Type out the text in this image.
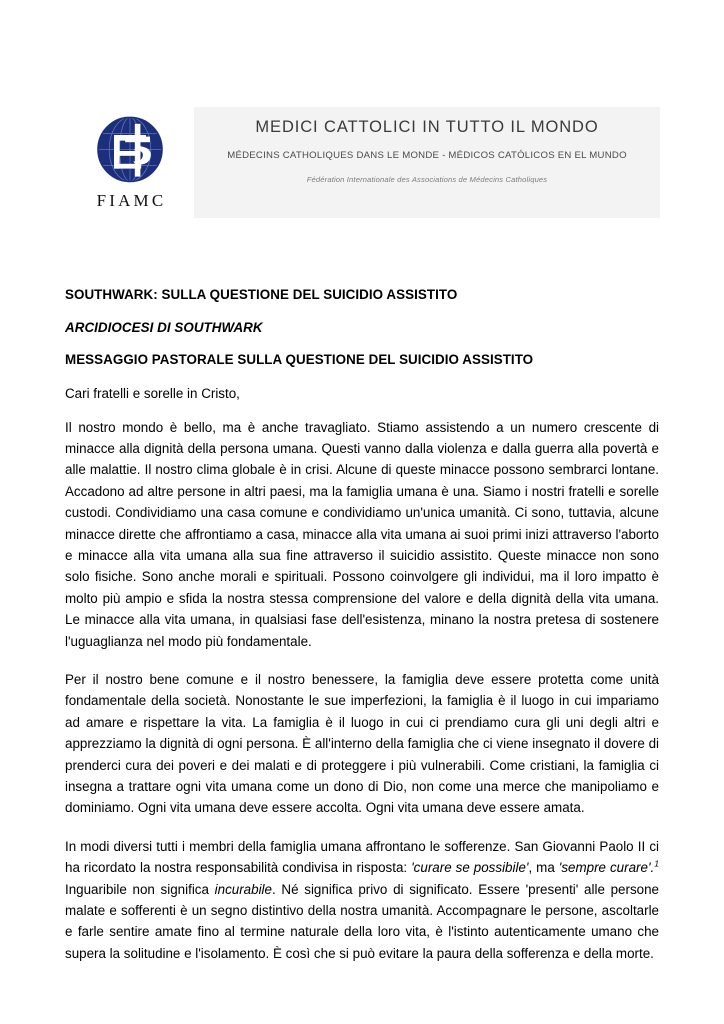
FIAMC
MEDICI CATTOLICI IN TUTTO IL MONDO
MÉDECINS CATHOLIQUES DANS LE MONDE - MÉDICOS CATÓLICOS EN EL MUNDO
Fédération Internationale des Associations de Médecins Catholiques
SOUTHWARK: SULLA QUESTIONE DEL SUICIDIO ASSISTITO
ARCIDIOCESI DI SOUTHWARK
MESSAGGIO PASTORALE SULLA QUESTIONE DEL SUICIDIO ASSISTITO
Cari fratelli e sorelle in Cristo,

Il nostro mondo è bello, ma è anche travagliato. Stiamo assistendo a un numero crescente di minacce alla dignità della persona umana. Questi vanno dalla violenza e dalla guerra alla povertà e alle malattie. Il nostro clima globale è in crisi. Alcune di queste minacce possono sembrarci lontane. Accadono ad altre persone in altri paesi, ma la famiglia umana è una. Siamo i nostri fratelli e sorelle custodi. Condividiamo una casa comune e condividiamo un'unica umanità. Ci sono, tuttavia, alcune minacce dirette che affrontiamo a casa, minacce alla vita umana ai suoi primi inizi attraverso l'aborto e minacce alla vita umana alla sua fine attraverso il suicidio assistito. Queste minacce non sono solo fisiche. Sono anche morali e spirituali. Possono coinvolgere gli individui, ma il loro impatto è molto più ampio e sfida la nostra stessa comprensione del valore e della dignità della vita umana. Le minacce alla vita umana, in qualsiasi fase dell'esistenza, minano la nostra pretesa di sostenere l'uguaglianza nel modo più fondamentale.

Per il nostro bene comune e il nostro benessere, la famiglia deve essere protetta come unità fondamentale della società. Nonostante le sue imperfezioni, la famiglia è il luogo in cui impariamo ad amare e rispettare la vita. La famiglia è il luogo in cui ci prendiamo cura gli uni degli altri e apprezziamo la dignità di ogni persona. È all'interno della famiglia che ci viene insegnato il dovere di prenderci cura dei poveri e dei malati e di proteggere i più vulnerabili. Come cristiani, la famiglia ci insegna a trattare ogni vita umana come un dono di Dio, non come una merce che manipoliamo e dominiamo. Ogni vita umana deve essere accolta. Ogni vita umana deve essere amata.

In modi diversi tutti i membri della famiglia umana affrontano le sofferenze. San Giovanni Paolo II ci ha ricordato la nostra responsabilità condivisa in risposta: 'curare se possibile', ma 'sempre curare'.$^1$ Inguaribile non significa incurabile. Né significa privo di significato. Essere 'presenti' alle persone malate e sofferenti è un segno distintivo della nostra umanità. Accompagnare le persone, ascoltarle e farle sentire amate fino al termine naturale della loro vita, è l'istinto autenticamente umano che supera la solitudine e l'isolamento. È così che si può evitare la paura della sofferenza e della morte.
